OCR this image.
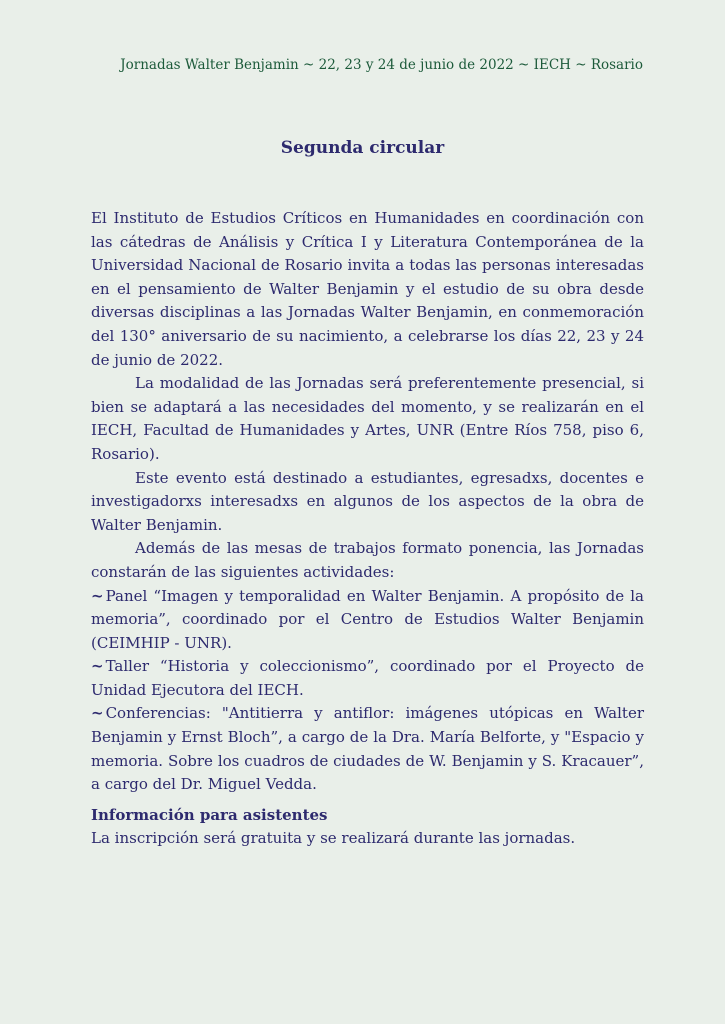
Jornadas Walter Benjamin ~ 22, 23 y 24 de junio de 2022 ~ IECH ~ Rosario
Segunda circular

El Instituto de Estudios Críticos en Humanidades en coordinación con las cátedras de Análisis y Crítica I y Literatura Contemporánea de la Universidad Nacional de Rosario invita a todas las personas interesadas en el pensamiento de Walter Benjamin y el estudio de su obra desde diversas disciplinas a las Jornadas Walter Benjamin, en conmemoración del 130° aniversario de su nacimiento, a celebrarse los días 22, 23 y 24 de junio de 2022.

La modalidad de las Jornadas será preferentemente presencial, si bien se adaptará a las necesidades del momento, y se realizarán en el IECH, Facultad de Humanidades y Artes, UNR (Entre Ríos 758, piso 6, Rosario).

Este evento está destinado a estudiantes, egresadxs, docentes e investigadorxs interesadxs en algunos de los aspectos de la obra de Walter Benjamin.

Además de las mesas de trabajos formato ponencia, las Jornadas constarán de las siguientes actividades:

~ Panel “Imagen y temporalidad en Walter Benjamin. A propósito de la memoria”, coordinado por el Centro de Estudios Walter Benjamin (CEIMHIP - UNR).

~ Taller “Historia y coleccionismo”, coordinado por el Proyecto de Unidad Ejecutora del IECH.

~ Conferencias: "Antitierra y antiflor: imágenes utópicas en Walter Benjamin y Ernst Bloch”, a cargo de la Dra. María Belforte, y "Espacio y memoria. Sobre los cuadros de ciudades de W. Benjamin y S. Kracauer”, a cargo del Dr. Miguel Vedda.

Información para asistentes
La inscripción será gratuita y se realizará durante las jornadas.
